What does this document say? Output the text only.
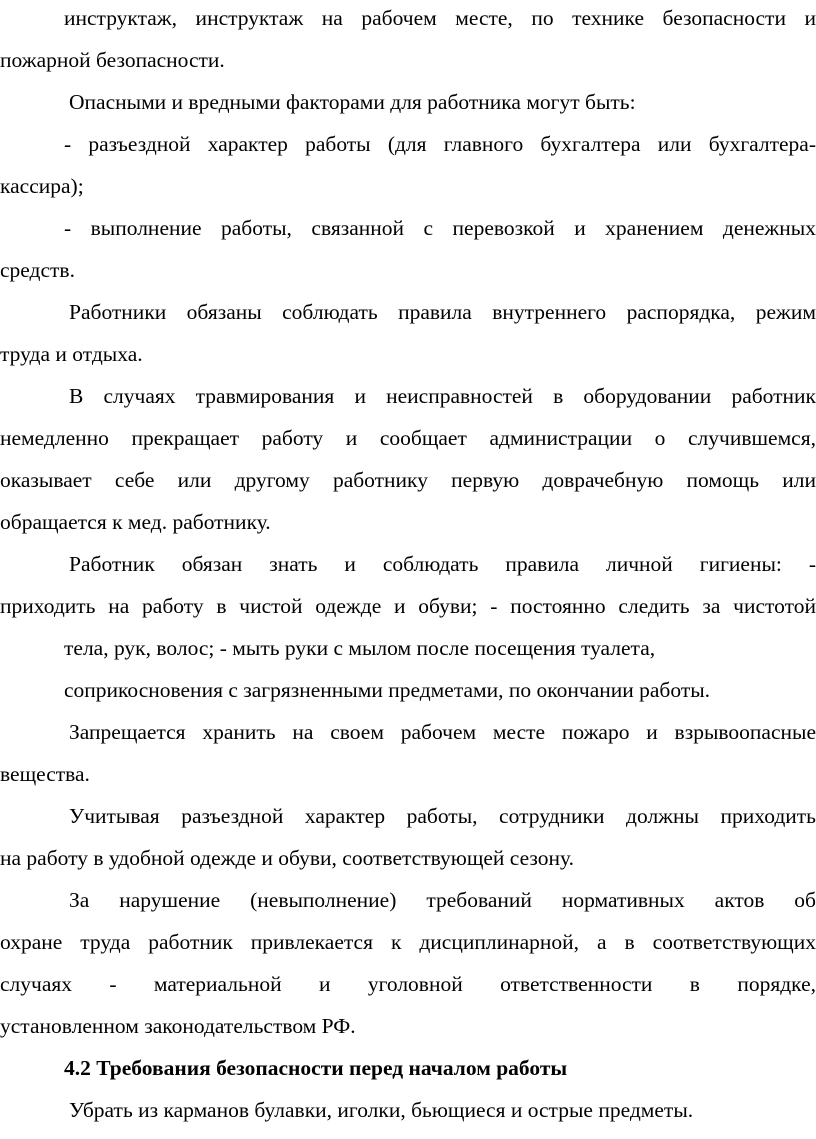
инструктаж, инструктаж на рабочем месте, по технике безопасности и
пожарной безопасности.
Опасными и вредными факторами для работника могут быть:
- разъездной характер работы (для главного бухгалтера или бухгалтера-
кассира);
- выполнение работы, связанной с перевозкой и хранением денежных
средств.
Работники обязаны соблюдать правила внутреннего распорядка, режим
труда и отдыха.
В случаях травмирования и неисправностей в оборудовании работник
немедленно прекращает работу и сообщает администрации о случившемся,
оказывает себе или другому работнику первую доврачебную помощь или
обращается к мед. работнику.
Работник обязан знать и соблюдать правила личной гигиены: -
приходить на работу в чистой одежде и обуви; - постоянно следить за чистотой
тела, рук, волос; - мыть руки с мылом после посещения туалета,
соприкосновения с загрязненными предметами, по окончании работы.
Запрещается хранить на своем рабочем месте пожаро и взрывоопасные
вещества.
Учитывая разъездной характер работы, сотрудники должны приходить
на работу в удобной одежде и обуви, соответствующей сезону.
За нарушение (невыполнение) требований нормативных актов об
охране труда работник привлекается к дисциплинарной, а в соответствующих
случаях - материальной и уголовной ответственности в порядке,
установленном законодательством РФ.
4.2 Требования безопасности перед началом работы
Убрать из карманов булавки, иголки, бьющиеся и острые предметы.
